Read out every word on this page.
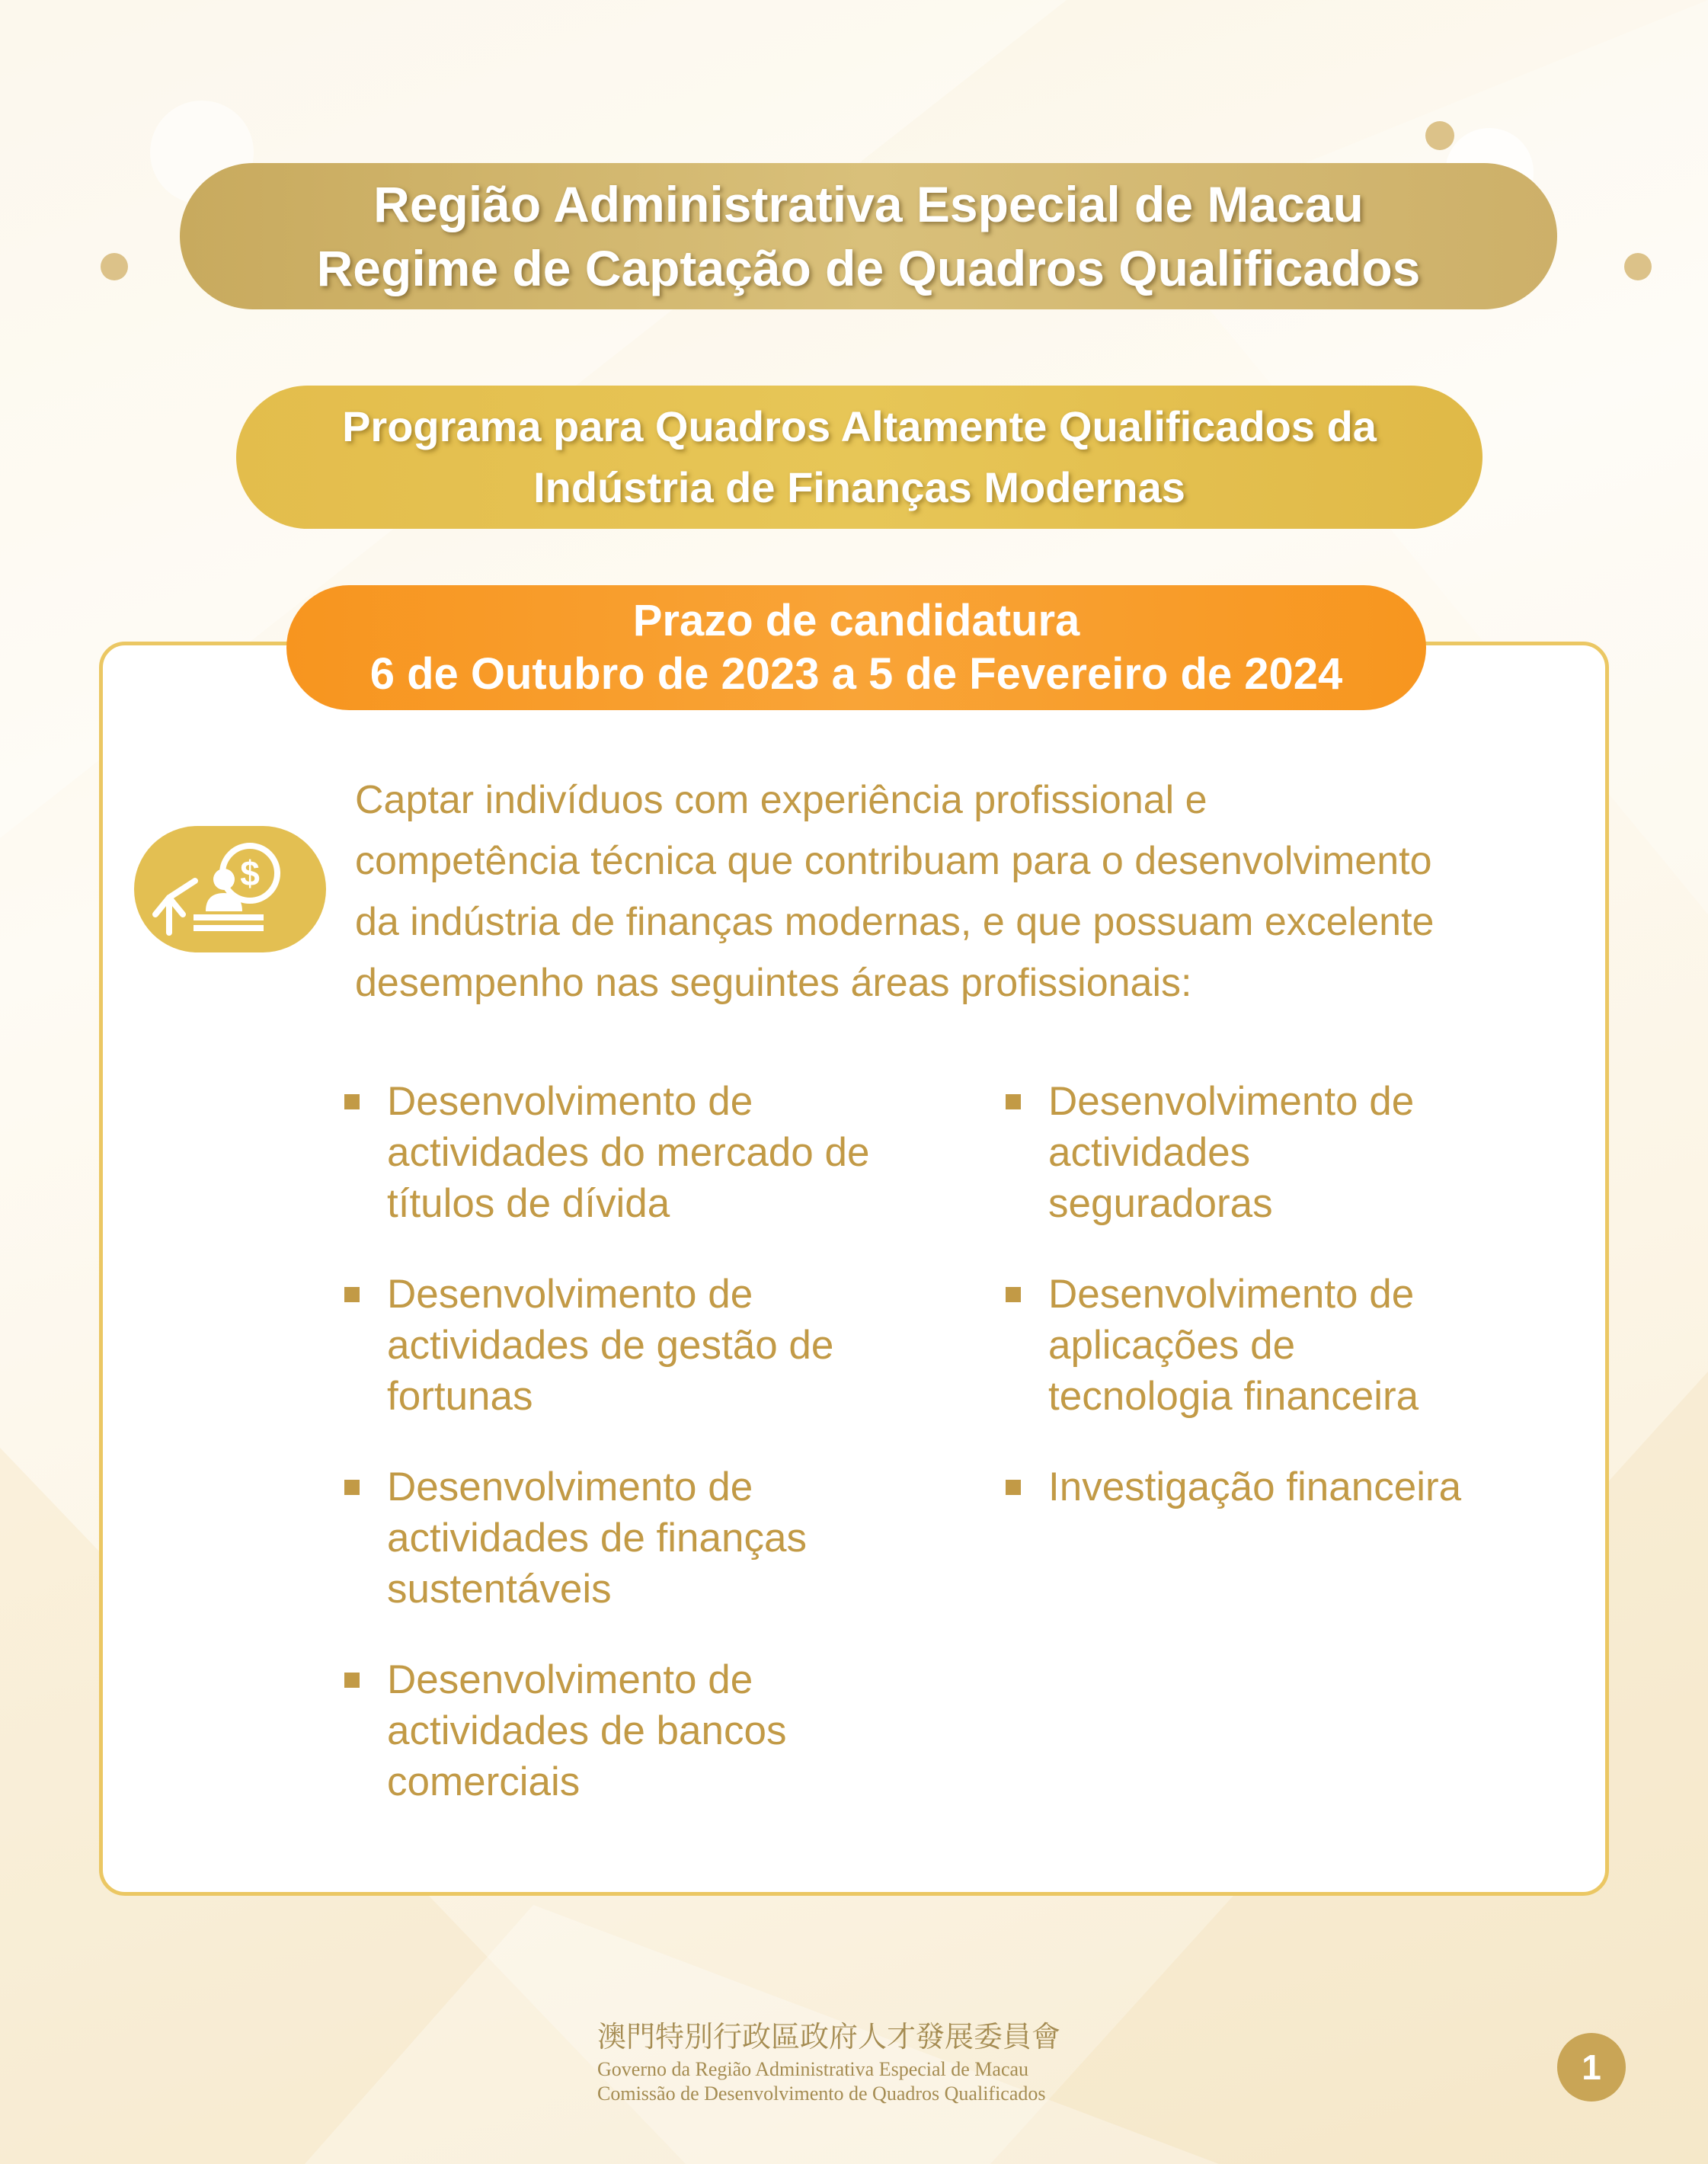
Região Administrativa Especial de Macau
Regime de Captação de Quadros Qualificados
Programa para Quadros Altamente Qualificados da
Indústria de Finanças Modernas
Prazo de candidatura
6 de Outubro de 2023 a 5 de Fevereiro de 2024
$

Captar indivíduos com experiência profissional e
competência técnica que contribuam para o desenvolvimento
da indústria de finanças modernas, e que possuam excelente
desempenho nas seguintes áreas profissionais:

Desenvolvimento de
actividades do mercado de
títulos de dívida
Desenvolvimento de
actividades de gestão de
fortunas
Desenvolvimento de
actividades de finanças
sustentáveis
Desenvolvimento de
actividades de bancos
comerciais
Desenvolvimento de
actividades
seguradoras
Desenvolvimento de
aplicações de
tecnologia financeira
Investigação financeira
澳門特別行政區政府人才發展委員會
Governo da Região Administrativa Especial de Macau
Comissão de Desenvolvimento de Quadros Qualificados
1
